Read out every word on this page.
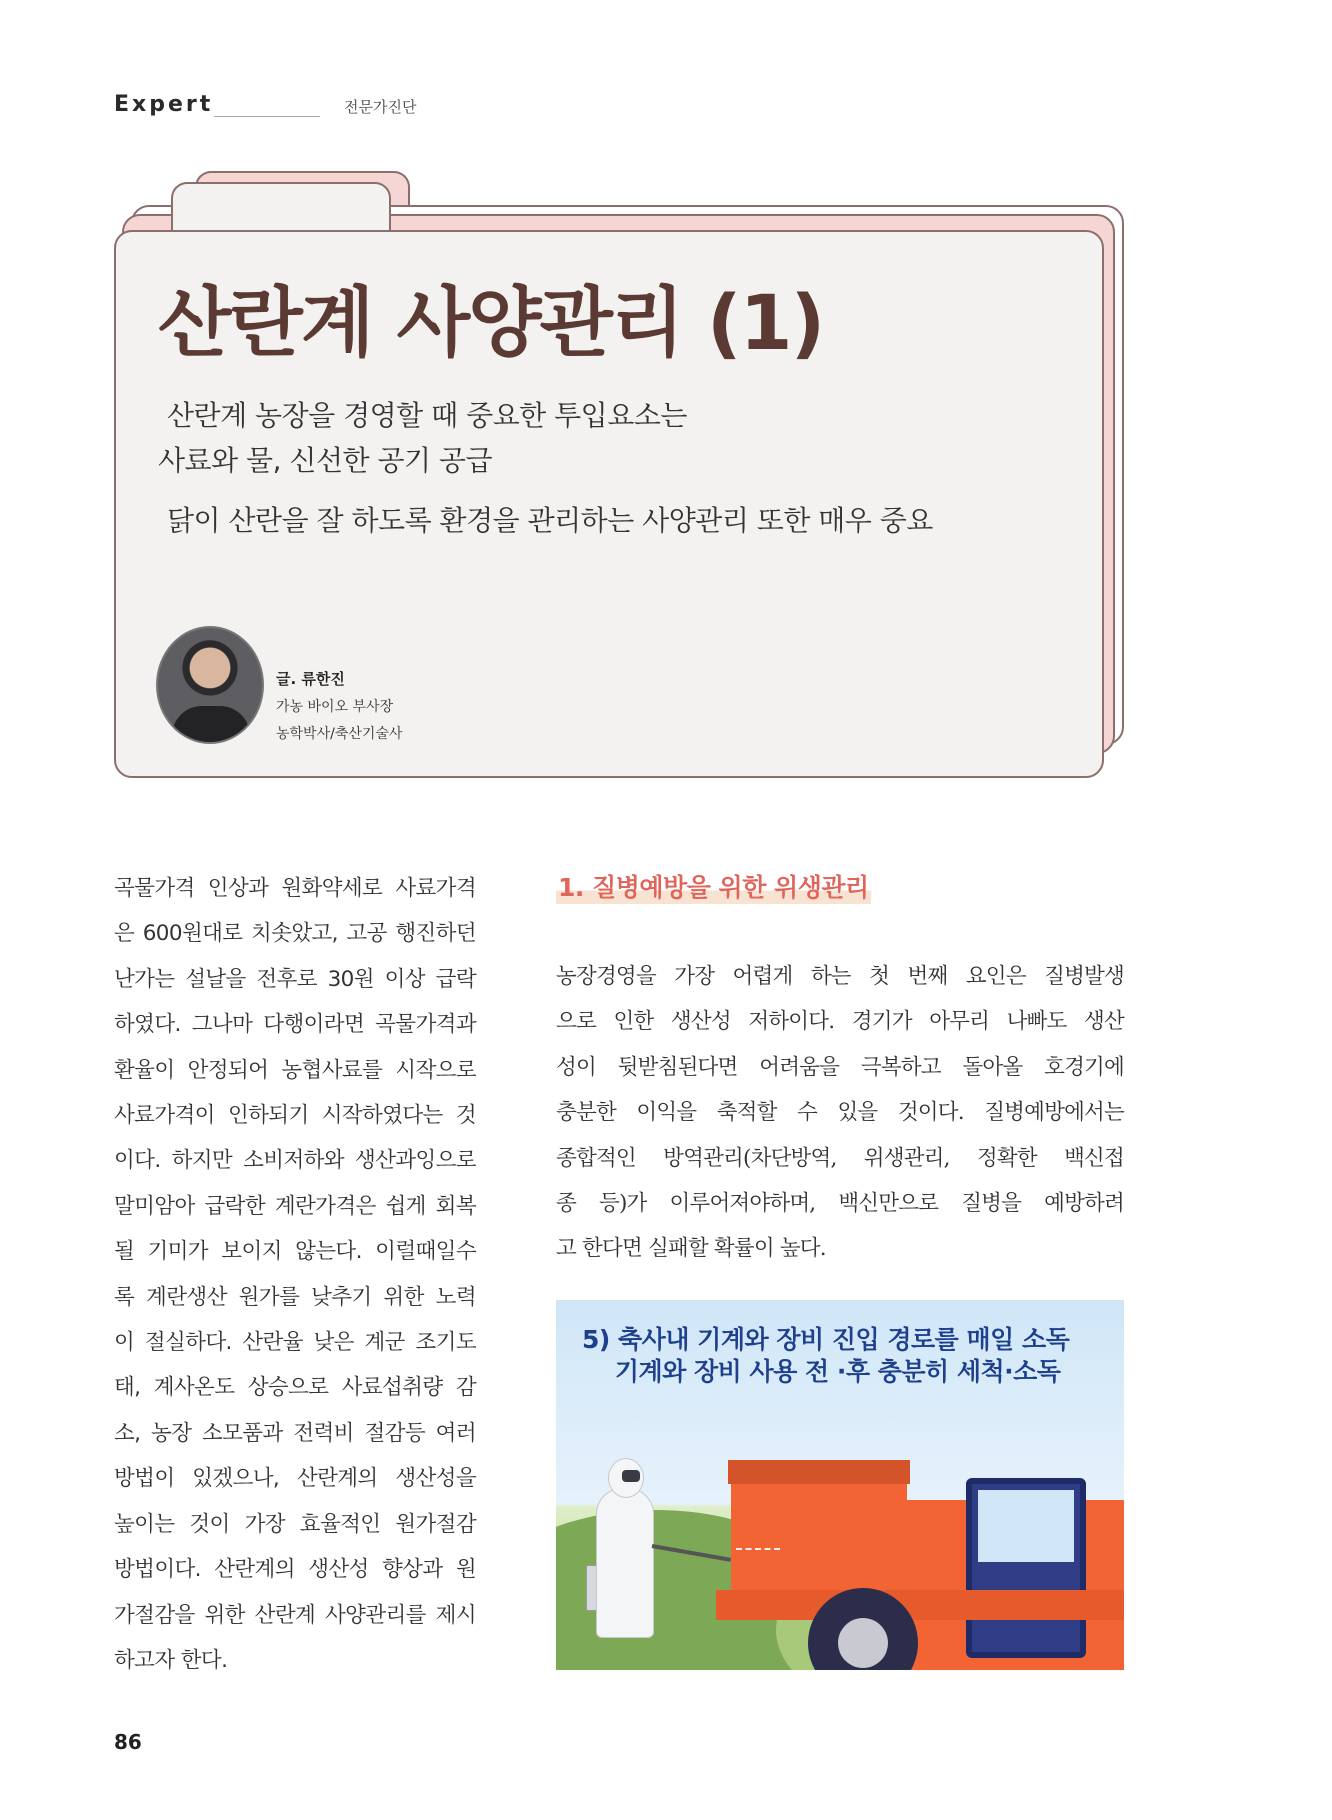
Expert	전문가진단
산란계 사양관리 (1)
산란계 농장을 경영할 때 중요한 투입요소는
사료와 물, 신선한 공기 공급
닭이 산란을 잘 하도록 환경을 관리하는 사양관리 또한 매우 중요
글. 류한진
가농 바이오 부사장
농학박사/축산기술사
곡물가격 인상과 원화약세로 사료가격
은 600원대로 치솟았고, 고공 행진하던
난가는 설날을 전후로 30원 이상 급락
하였다. 그나마 다행이라면 곡물가격과
환율이 안정되어 농협사료를 시작으로
사료가격이 인하되기 시작하였다는 것
이다. 하지만 소비저하와 생산과잉으로
말미암아 급락한 계란가격은 쉽게 회복
될 기미가 보이지 않는다. 이럴때일수
록 계란생산 원가를 낮추기 위한 노력
이 절실하다. 산란율 낮은 계군 조기도
태, 계사온도 상승으로 사료섭취량 감
소, 농장 소모품과 전력비 절감등 여러
방법이 있겠으나, 산란계의 생산성을
높이는 것이 가장 효율적인 원가절감
방법이다. 산란계의 생산성 향상과 원
가절감을 위한 산란계 사양관리를 제시
하고자 한다.
1. 질병예방을 위한 위생관리
농장경영을 가장 어렵게 하는 첫 번째 요인은 질병발생
으로 인한 생산성 저하이다. 경기가 아무리 나빠도 생산
성이 뒷받침된다면 어려움을 극복하고 돌아올 호경기에
충분한 이익을 축적할 수 있을 것이다. 질병예방에서는
종합적인 방역관리(차단방역, 위생관리, 정확한 백신접
종 등)가 이루어져야하며, 백신만으로 질병을 예방하려
고 한다면 실패할 확률이 높다.
5) 축사내 기계와 장비 진입 경로를 매일 소독
기계와 장비 사용 전 ·후 충분히 세척·소독
86
